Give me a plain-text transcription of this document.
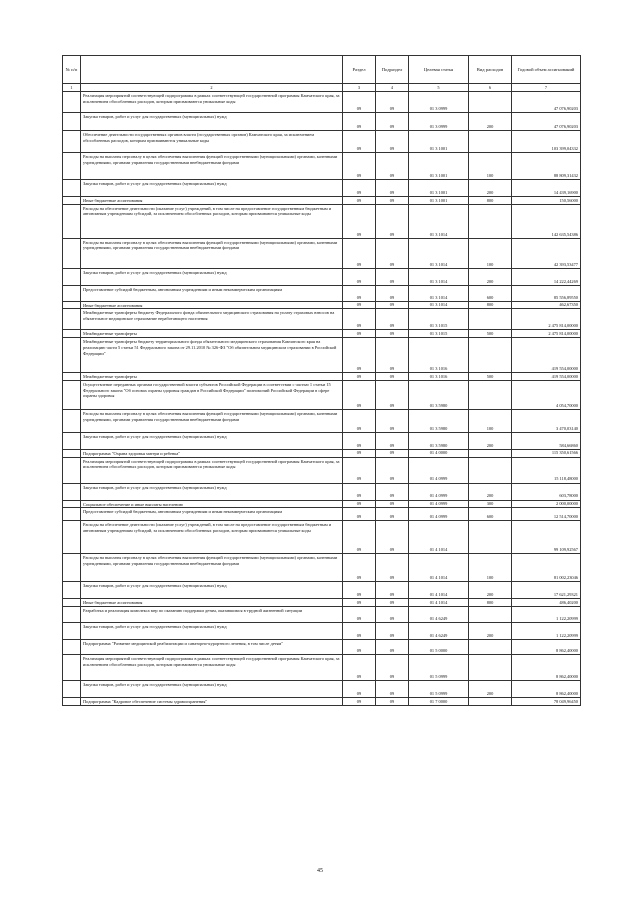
№ п/п		Раздел	Подраздел	Целевая статья	Вид расходов	Годовой объем ассигнований
1	2	3	4	5	6	7
	Реализация мероприятий соответствующей подпрограммы в рамках соответствующей государственной программы Камчатского края, за исключением обособленных расходов, которым присваиваются уникальные коды	09	09	01 3 0999		47 076,90203
	Закупка товаров, работ и услуг для государственных (муниципальных) нужд	09	09	01 3 0999	200	47 076,90203
	Обеспечение деятельности государственных органов власти (государственных органов) Камчатского края, за исключением обособленных расходов, которым присваиваются уникальные коды	09	09	01 3 1001		103 399,04332
	Расходы на выплаты персоналу в целях обеспечения выполнения функций государственными (муниципальными) органами, казенными учреждениями, органами управления государственными внебюджетными фондами	09	09	01 3 1001	100	88 809,31432
	Закупка товаров, работ и услуг для государственных (муниципальных) нужд	09	09	01 3 1001	200	14 439,16900
	Иные бюджетные ассигнования	09	09	01 3 1001	800	150,56000
	Расходы на обеспечение деятельности (оказание услуг) учреждений, в том числе на предоставление государственным бюджетным и автономным учреждениям субсидий, за исключением обособленных расходов, которым присваиваются уникальные коды	09	09	01 3 1014		142 635,54386
	Расходы на выплаты персоналу в целях обеспечения выполнения функций государственными (муниципальными) органами, казенными учреждениями, органами управления государственными внебюджетными фондами	09	09	01 3 1014	100	42 393,53477
	Закупка товаров, работ и услуг для государственных (муниципальных) нужд	09	09	01 3 1014	200	14 222,44269
	Предоставление субсидий бюджетным, автономным учреждениям и иным некоммерческим организациям	09	09	01 3 1014	600	85 556,89550
	Иные бюджетные ассигнования	09	09	01 3 1014	800	462,67350
	Межбюджетные трансферты бюджету Федерального фонда обязательного медицинского страхования на уплату страховых взносов на обязательное медицинское страхование неработающего населения	09	09	01 3 1015		2 475 814,00000
	Межбюджетные трансферты	09	09	01 3 1015	500	2 475 814,00000
	Межбюджетные трансферты бюджету территориального фонда обязательного медицинского страхования Камчатского края на реализацию части 5 статьи 51 Федерального закона от 29.11.2010 № 326-ФЗ "Об обязательном медицинском страховании в Российской Федерации"	09	09	01 3 1016		419 554,00000
	Межбюджетные трансферты	09	09	01 3 1016	500	419 554,00000
	Осуществление переданных органам государственной власти субъектов Российской Федерации в соответствии с частью 1 статьи 15 Федерального закона "Об основах охраны здоровья граждан в Российской Федерации" полномочий Российской Федерации в сфере охраны здоровья	09	09	01 3 5980		4 054,70000
	Расходы на выплаты персоналу в целях обеспечения выполнения функций государственными (муниципальными) органами, казенными учреждениями, органами управления государственными внебюджетными фондами	09	09	01 3 5980	100	3 470,03140
	Закупка товаров, работ и услуг для государственных (муниципальных) нужд	09	09	01 3 5980	200	584,66860
	Подпрограмма "Охрана здоровья матери и ребенка"	09	09	01 4 0000		115 350,61566
	Реализация мероприятий соответствующей подпрограммы в рамках соответствующей государственной программы Камчатского края, за исключением обособленных расходов, которым присваиваются уникальные коды	09	09	01 4 0999		15 118,48000
	Закупка товаров, работ и услуг для государственных (муниципальных) нужд	09	09	01 4 0999	200	603,78000
	Социальное обеспечение и иные выплаты населению	09	09	01 4 0999	300	2 000,00000
	Предоставление субсидий бюджетным, автономным учреждениям и иным некоммерческим организациям	09	09	01 4 0999	600	12 514,70000
	Расходы на обеспечение деятельности (оказание услуг) учреждений, в том числе на предоставление государственным бюджетным и автономным учреждениям субсидий, за исключением обособленных расходов, которым присваиваются уникальные коды	09	09	01 4 1014		99 109,92567
	Расходы на выплаты персоналу в целях обеспечения выполнения функций государственными (муниципальными) органами, казенными учреждениями, органами управления государственными внебюджетными фондами	09	09	01 4 1014	100	81 002,23046
	Закупка товаров, работ и услуг для государственных (муниципальных) нужд	09	09	01 4 1014	200	17 621,29321
	Иные бюджетные ассигнования	09	09	01 4 1014	800	486,40200
	Разработка и реализация комплекса мер по оказанию поддержки детям, оказавшимся в трудной жизненной ситуации	09	09	01 4 6249		1 122,20999
	Закупка товаров, работ и услуг для государственных (муниципальных) нужд	09	09	01 4 6249	200	1 122,20999
	Подпрограмма "Развитие медицинской реабилитации и санаторно-курортного лечения, в том числе детям"	09	09	01 5 0000		8 862,40000
	Реализация мероприятий соответствующей подпрограммы в рамках соответствующей государственной программы Камчатского края, за исключением обособленных расходов, которым присваиваются уникальные коды	09	09	01 5 0999		8 862,40000
	Закупка товаров, работ и услуг для государственных (муниципальных) нужд	09	09	01 5 0999	200	8 862,40000
	Подпрограмма "Кадровое обеспечение системы здравоохранения"	09	09	01 7 0000		78 049,96450
45
